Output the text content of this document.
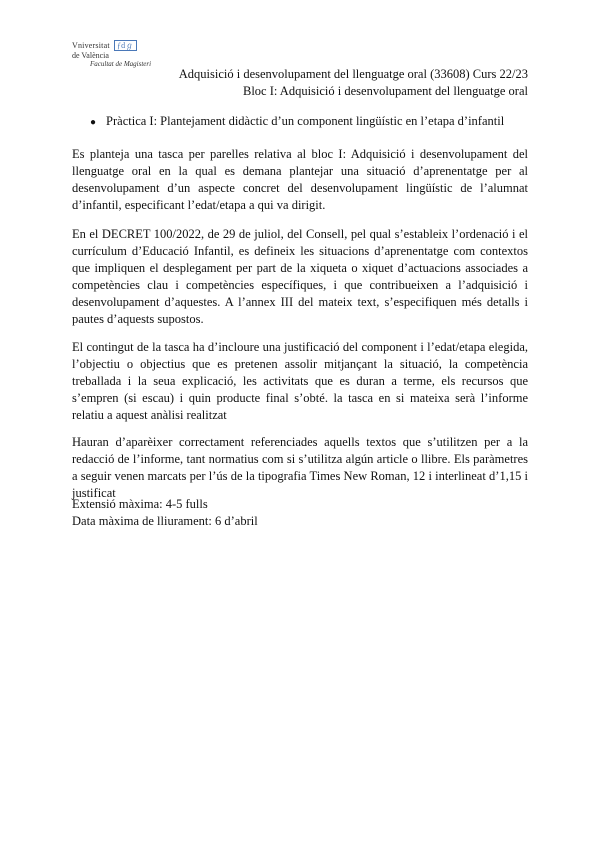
Vniversitat ƒdℊ
de València
Facultat de Magisteri
Adquisició i desenvolupament del llenguatge oral (33608) Curs 22/23
Bloc I: Adquisició i desenvolupament del llenguatge oral
● Pràctica I: Plantejament didàctic d’un component lingüístic en l’etapa d’infantil
Es planteja una tasca per parelles relativa al bloc I: Adquisició i desenvolupament del llenguatge oral en la qual es demana plantejar una situació d’aprenentatge per al desenvolupament d’un aspecte concret del desenvolupament lingüístic de l’alumnat d’infantil, especificant l’edat/etapa a qui va dirigit.
En el DECRET 100/2022, de 29 de juliol, del Consell, pel qual s’estableix l’ordenació i el currículum d’Educació Infantil, es defineix les situacions d’aprenentatge com contextos que impliquen el desplegament per part de la xiqueta o xiquet d’actuacions associades a competències clau i competències específiques, i que contribueixen a l’adquisició i desenvolupament d’aquestes. A l’annex III del mateix text, s’especifiquen més detalls i pautes d’aquests supostos.
El contingut de la tasca ha d’incloure una justificació del component i l’edat/etapa elegida, l’objectiu o objectius que es pretenen assolir mitjançant la situació, la competència treballada i la seua explicació, les activitats que es duran a terme, els recursos que s’empren (si escau) i quin producte final s’obté. la tasca en si mateixa serà l’informe relatiu a aquest anàlisi realitzat
Hauran d’aparèixer correctament referenciades aquells textos que s’utilitzen per a la redacció de l’informe, tant normatius com si s’utilitza algún article o llibre. Els paràmetres a seguir venen marcats per l’ús de la tipografia Times New Roman, 12 i interlineat d’1,15 i justificat
Extensió màxima: 4-5 fulls
Data màxima de lliurament: 6 d’abril
